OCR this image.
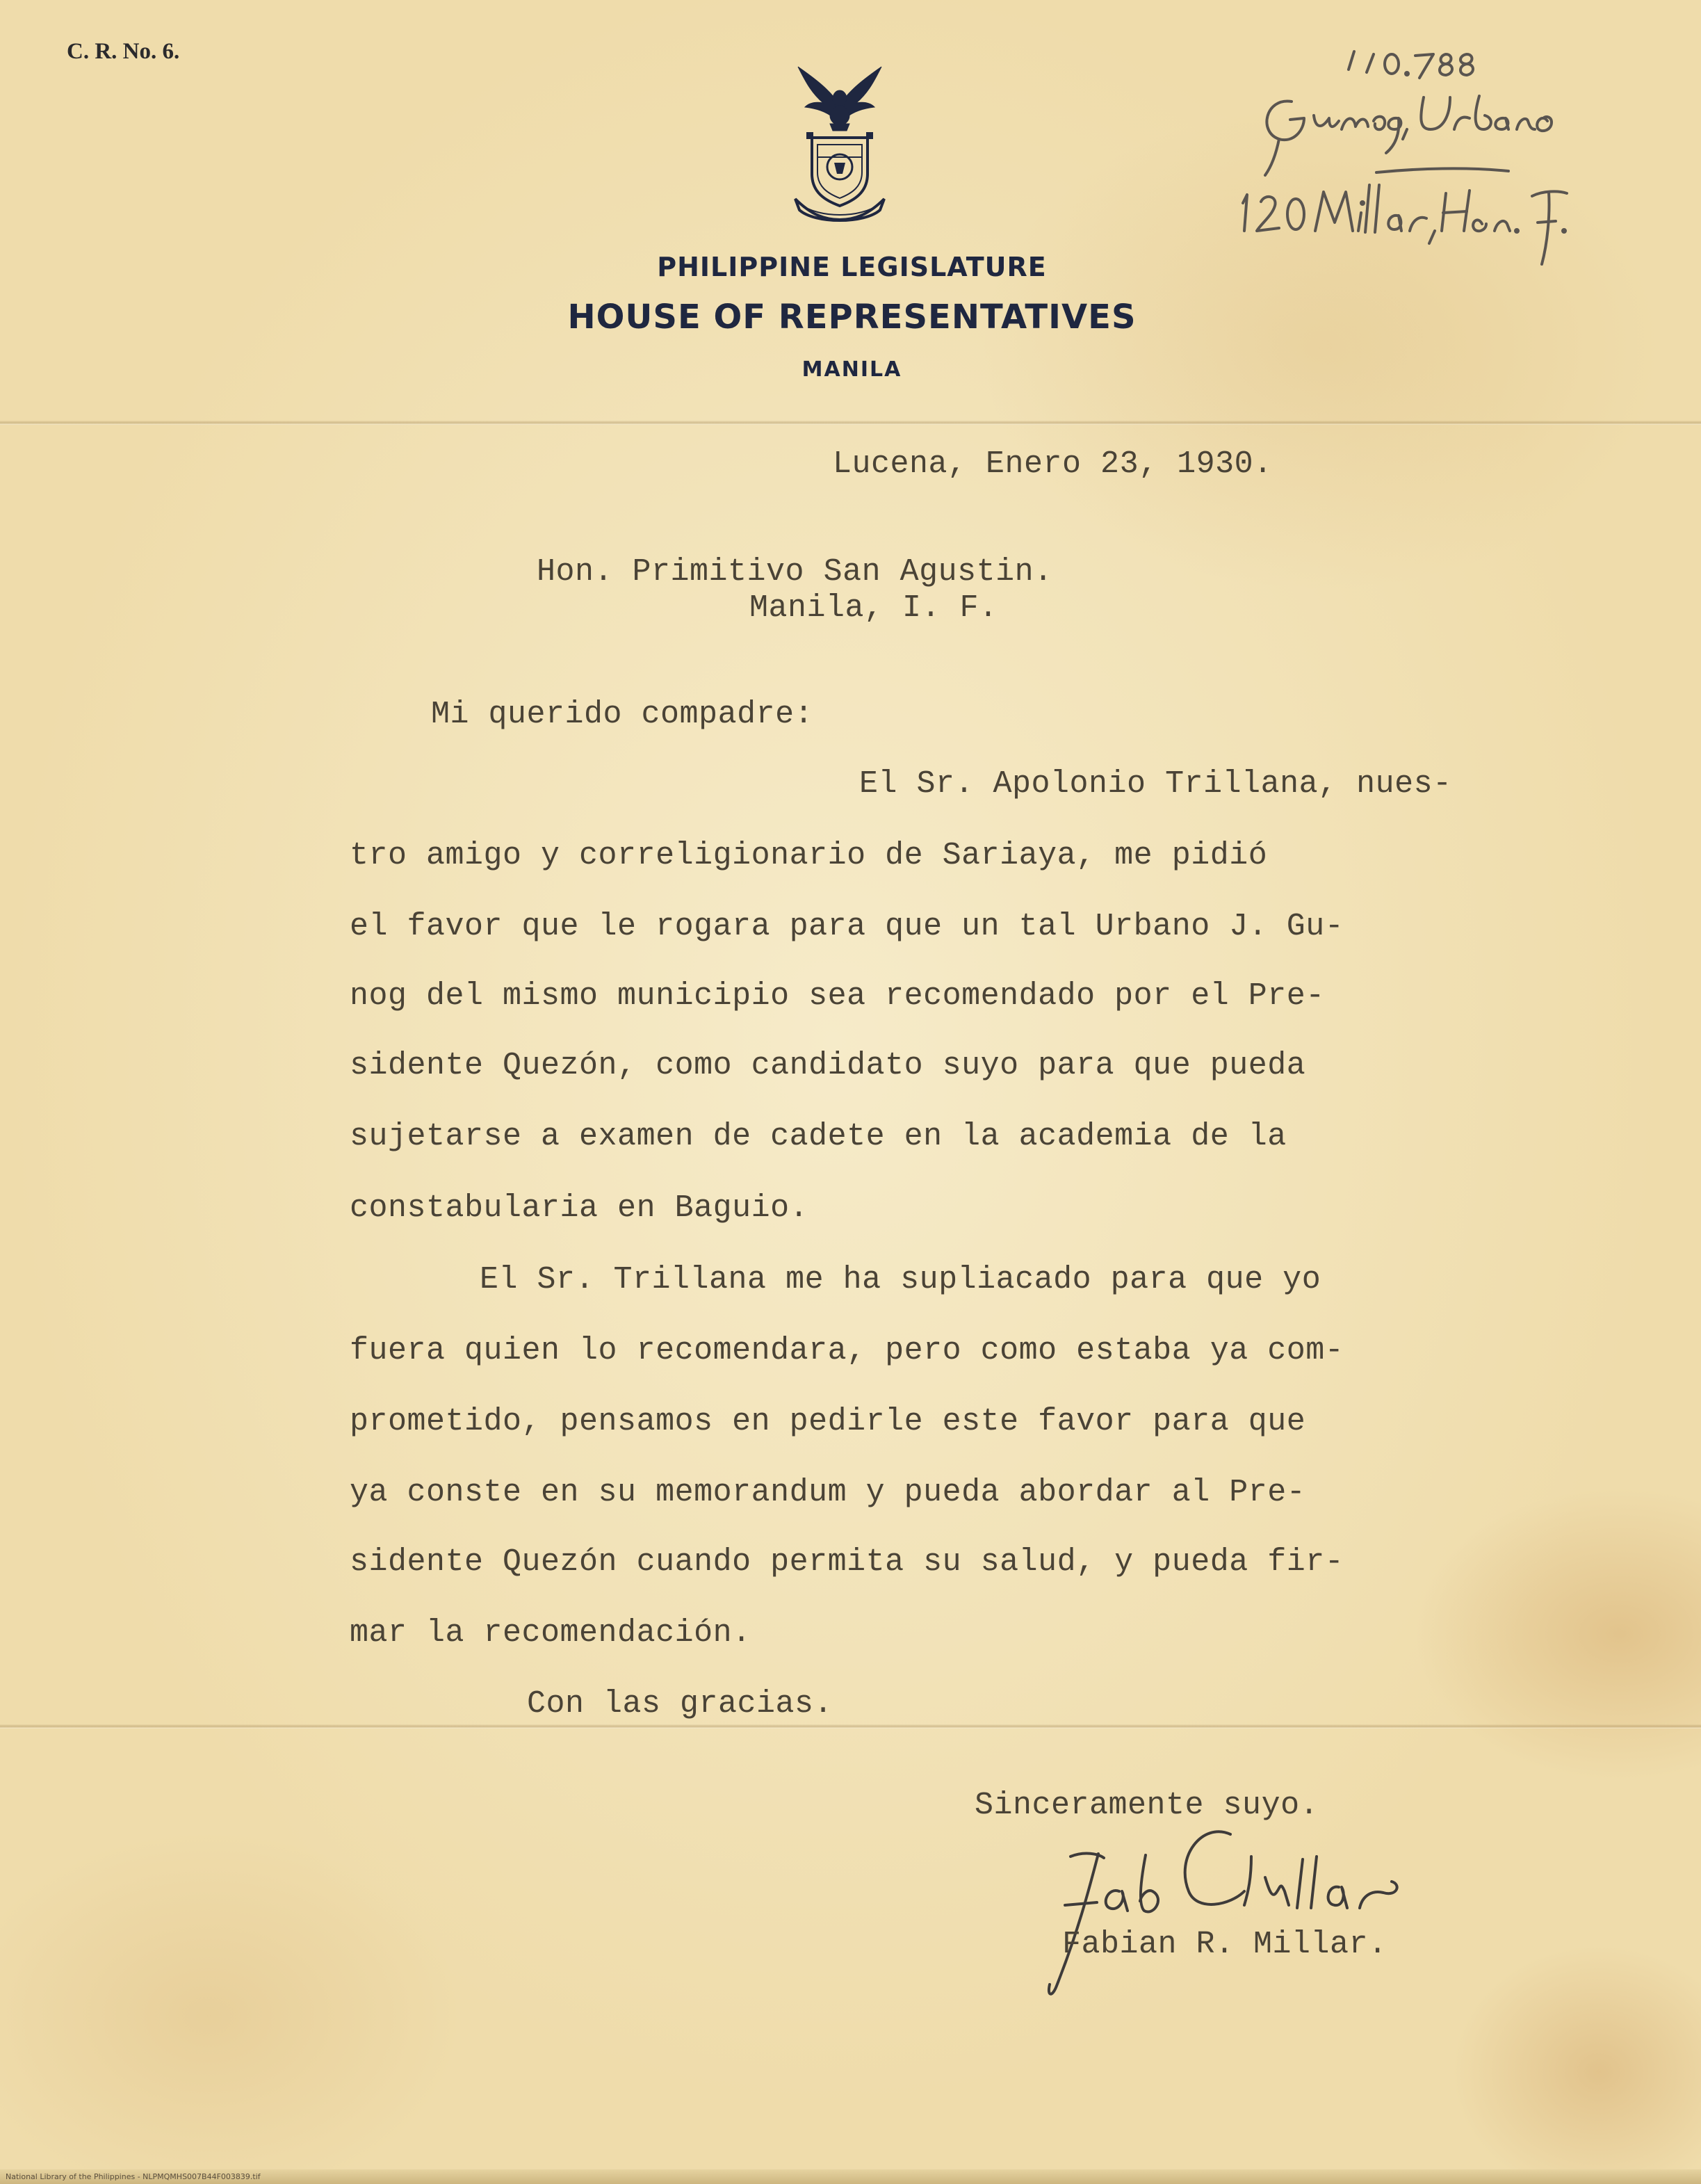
C. R. No. 6.
PHILIPPINE LEGISLATURE
HOUSE OF REPRESENTATIVES
MANILA
Lucena, Enero 23, 1930.
Hon. Primitivo San Agustin.
Manila, I. F.
Mi querido compadre:
El Sr. Apolonio Trillana, nues-
tro amigo y correligionario de Sariaya, me pidió
el favor que le rogara para que un tal Urbano J. Gu-
nog del mismo municipio sea recomendado por el Pre-
sidente Quezón, como candidato suyo para que pueda
sujetarse a examen de cadete en la academia de la
constabularia en Baguio.
El Sr. Trillana me ha supliacado para que yo
fuera quien lo recomendara, pero como estaba ya com-
prometido, pensamos en pedirle este favor para que
ya conste en su memorandum y pueda abordar al Pre-
sidente Quezón cuando permita su salud, y pueda fir-
mar la recomendación.
Con las gracias.
Sinceramente suyo.
Fabian R. Millar.
National Library of the Philippines - NLPMQMHS007B44F003839.tif
